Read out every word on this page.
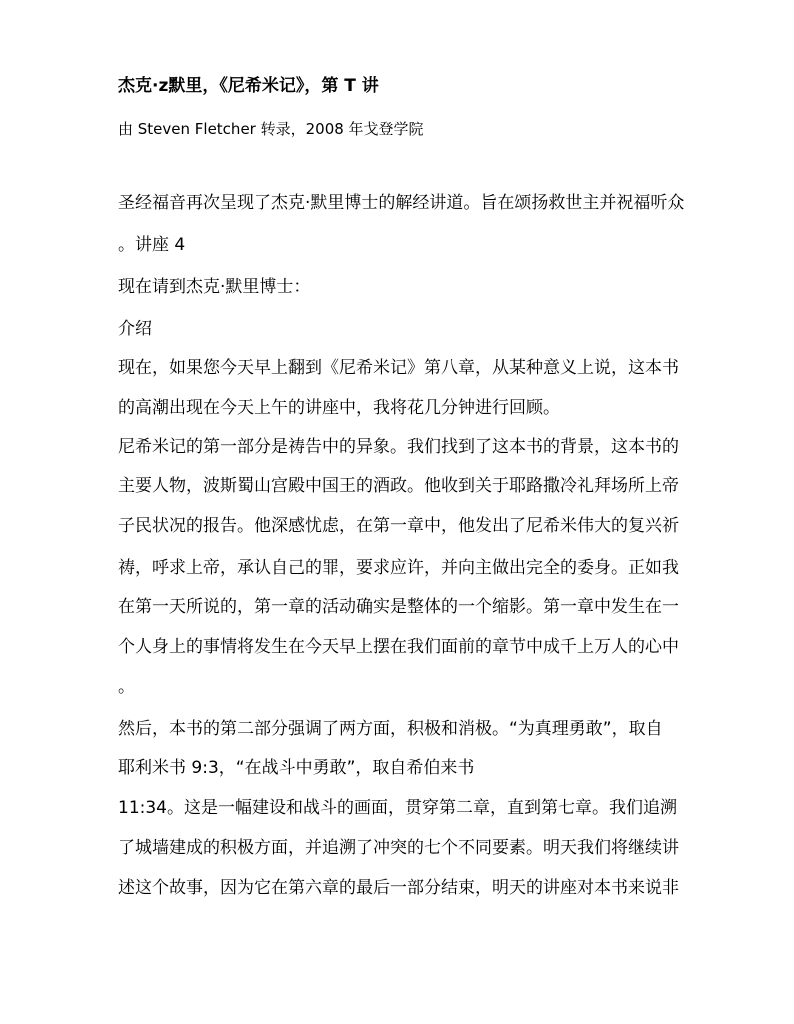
杰克·z默里，《尼希米记》，第 T 讲
由 Steven Fletcher 转录，2008 年戈登学院
圣经福音再次呈现了杰克·默里博士的解经讲道。旨在颂扬救世主并祝福听众
。讲座 4
现在请到杰克·默里博士：
介绍
现在，如果您今天早上翻到《尼希米记》第八章，从某种意义上说，这本书
的高潮出现在今天上午的讲座中，我将花几分钟进行回顾。
尼希米记的第一部分是祷告中的异象。我们找到了这本书的背景，这本书的
主要人物，波斯蜀山宫殿中国王的酒政。他收到关于耶路撒冷礼拜场所上帝
子民状况的报告。他深感忧虑，在第一章中，他发出了尼希米伟大的复兴祈
祷，呼求上帝，承认自己的罪，要求应许，并向主做出完全的委身。正如我
在第一天所说的，第一章的活动确实是整体的一个缩影。第一章中发生在一
个人身上的事情将发生在今天早上摆在我们面前的章节中成千上万人的心中
。
然后，本书的第二部分强调了两方面，积极和消极。“为真理勇敢”，取自
耶利米书 9:3，“在战斗中勇敢”，取自希伯来书
11:34。这是一幅建设和战斗的画面，贯穿第二章，直到第七章。我们追溯
了城墙建成的积极方面，并追溯了冲突的七个不同要素。明天我们将继续讲
述这个故事，因为它在第六章的最后一部分结束，明天的讲座对本书来说非
